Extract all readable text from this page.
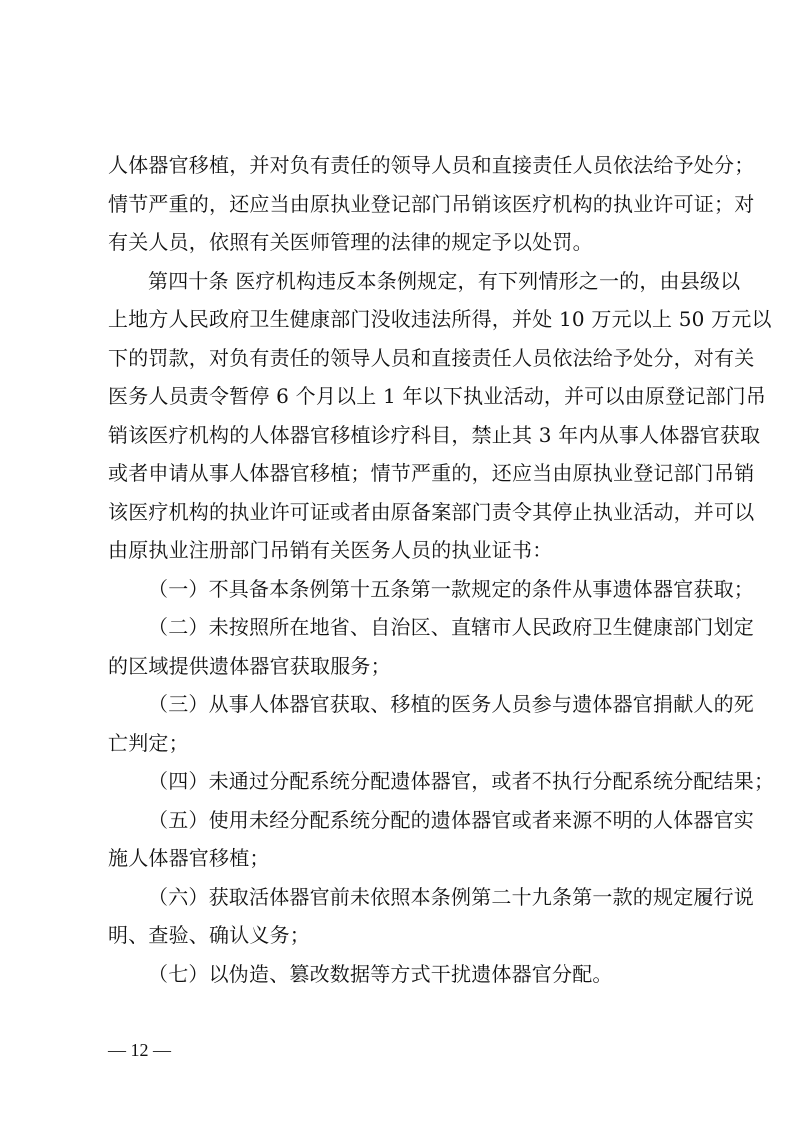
人体器官移植，并对负有责任的领导人员和直接责任人员依法给予处分；
情节严重的，还应当由原执业登记部门吊销该医疗机构的执业许可证；对
有关人员，依照有关医师管理的法律的规定予以处罚。
第四十条 医疗机构违反本条例规定，有下列情形之一的，由县级以
上地方人民政府卫生健康部门没收违法所得，并处 10 万元以上 50 万元以
下的罚款，对负有责任的领导人员和直接责任人员依法给予处分，对有关
医务人员责令暂停 6 个月以上 1 年以下执业活动，并可以由原登记部门吊
销该医疗机构的人体器官移植诊疗科目，禁止其 3 年内从事人体器官获取
或者申请从事人体器官移植；情节严重的，还应当由原执业登记部门吊销
该医疗机构的执业许可证或者由原备案部门责令其停止执业活动，并可以
由原执业注册部门吊销有关医务人员的执业证书：
（一）不具备本条例第十五条第一款规定的条件从事遗体器官获取；
（二）未按照所在地省、自治区、直辖市人民政府卫生健康部门划定
的区域提供遗体器官获取服务；
（三）从事人体器官获取、移植的医务人员参与遗体器官捐献人的死
亡判定；
（四）未通过分配系统分配遗体器官，或者不执行分配系统分配结果；
（五）使用未经分配系统分配的遗体器官或者来源不明的人体器官实
施人体器官移植；
（六）获取活体器官前未依照本条例第二十九条第一款的规定履行说
明、查验、确认义务；
（七）以伪造、篡改数据等方式干扰遗体器官分配。
— 12 —
